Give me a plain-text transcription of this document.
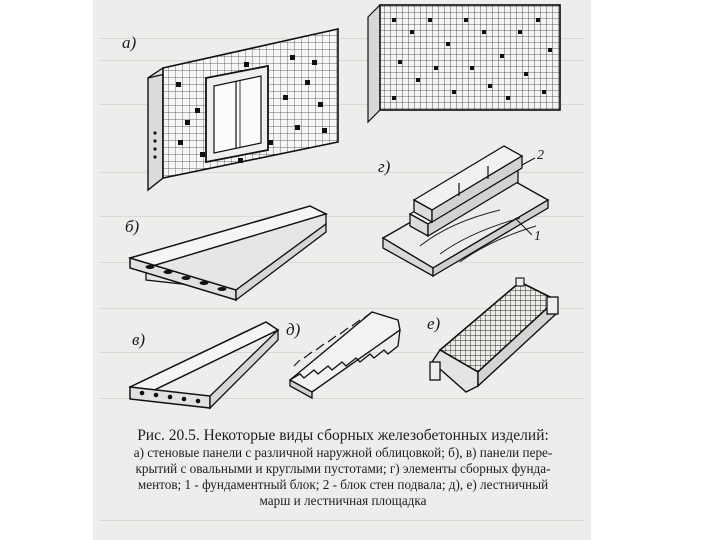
а)
б)
в)
г)
д)	е)
2
1
Рис. 20.5. Некоторые виды сборных железобетонных изделий:
а) стеновые панели с различной наружной облицовкой; б), в) панели пере-
крытий с овальными и круглыми пустотами; г) элементы сборных фунда-
ментов; 1 - фундаментный блок; 2 - блок стен подвала; д), е) лестничный
марш и лестничная площадка
